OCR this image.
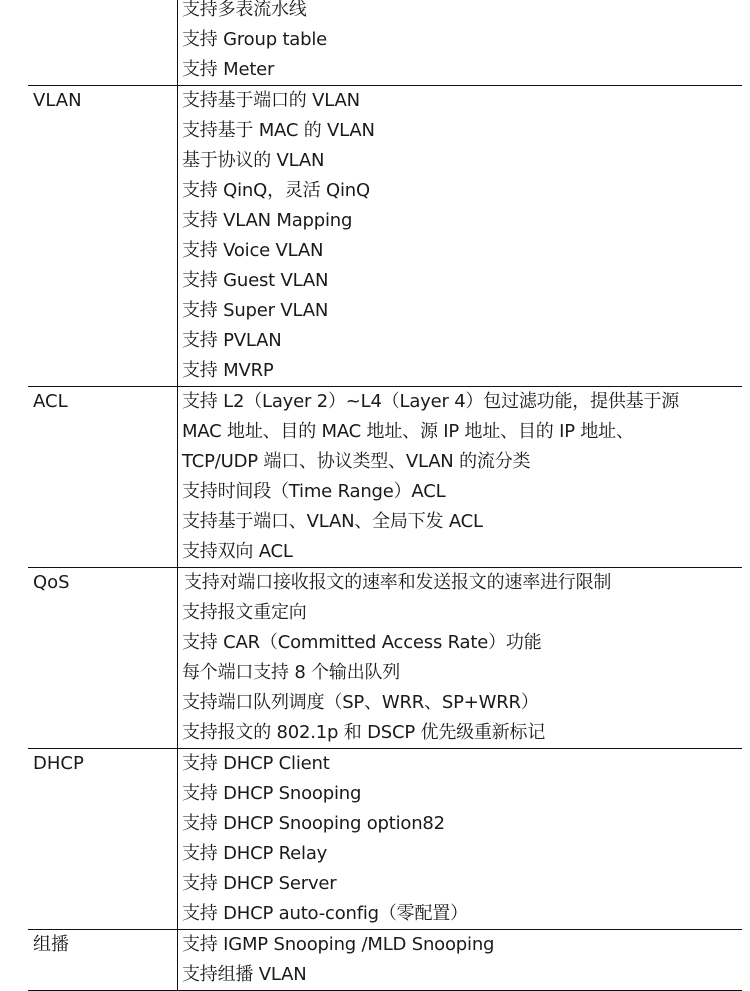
支持多表流水线
支持 Group table
支持 Meter
VLAN	支持基于端口的 VLAN
支持基于 MAC 的 VLAN
基于协议的 VLAN
支持 QinQ，灵活 QinQ
支持 VLAN Mapping
支持 Voice VLAN
支持 Guest VLAN
支持 Super VLAN
支持 PVLAN
支持 MVRP
ACL	支持 L2（Layer 2）~L4（Layer 4）包过滤功能，提供基于源
MAC 地址、目的 MAC 地址、源 IP 地址、目的 IP 地址、
TCP/UDP 端口、协议类型、VLAN 的流分类
支持时间段（Time Range）ACL
支持基于端口、VLAN、全局下发 ACL
支持双向 ACL
QoS	支持对端口接收报文的速率和发送报文的速率进行限制
支持报文重定向
支持 CAR（Committed Access Rate）功能
每个端口支持 8 个输出队列
支持端口队列调度（SP、WRR、SP+WRR）
支持报文的 802.1p 和 DSCP 优先级重新标记
DHCP	支持 DHCP Client
支持 DHCP Snooping
支持 DHCP Snooping option82
支持 DHCP Relay
支持 DHCP Server
支持 DHCP auto-config（零配置）
组播	支持 IGMP Snooping /MLD Snooping
支持组播 VLAN
